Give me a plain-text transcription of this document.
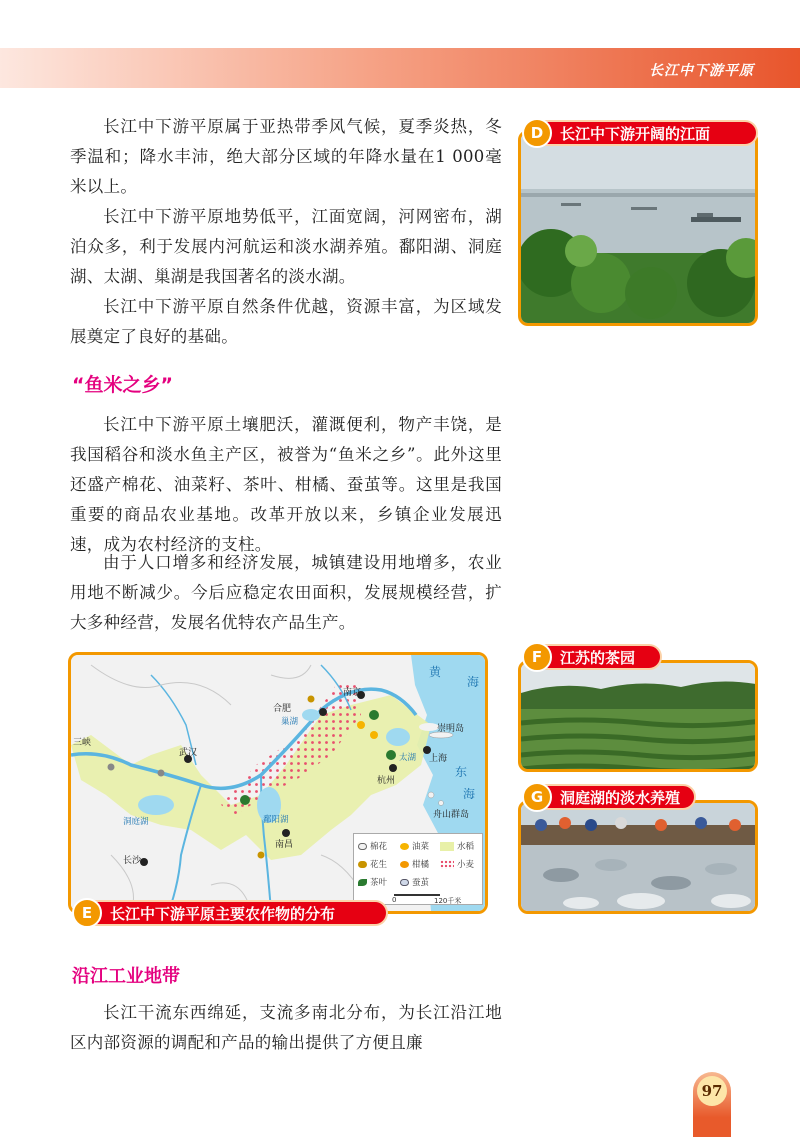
长江中下游平原

长江中下游平原属于亚热带季风气候，夏季炎热，冬季温和；降水丰沛，绝大部分区域的年降水量在1 000毫米以上。

长江中下游平原地势低平，江面宽阔，河网密布，湖泊众多，利于发展内河航运和淡水湖养殖。鄱阳湖、洞庭湖、太湖、巢湖是我国著名的淡水湖。

长江中下游平原自然条件优越，资源丰富，为区域发展奠定了良好的基础。

“鱼米之乡”

长江中下游平原土壤肥沃，灌溉便利，物产丰饶，是我国稻谷和淡水鱼主产区，被誉为“鱼米之乡”。此外这里还盛产棉花、油菜籽、茶叶、柑橘、蚕茧等。这里是我国重要的商品农业基地。改革开放以来，乡镇企业发展迅速，成为农村经济的支柱。

由于人口增多和经济发展，城镇建设用地增多，农业用地不断减少。今后应稳定农田面积，发展规模经营，扩大多种经营，发展名优特农产品生产。

沿江工业地带

长江干流东西绵延，支流多南北分布，为长江沿江地区内部资源的调配和产品的输出提供了方便且廉

D	长江中下游开阔的江面
合肥
武汉
南昌
长沙
杭州
上海
南京
崇明岛
舟山群岛
三峡
鄱阳湖
洞庭湖
太湖
巢湖
黄
海
东
海
棉花	油菜	水稻
花生	柑橘	小麦
茶叶	蚕茧
0	120千米
E	长江中下游平原主要农作物的分布
F	江苏的茶园
G	洞庭湖的淡水养殖
97
